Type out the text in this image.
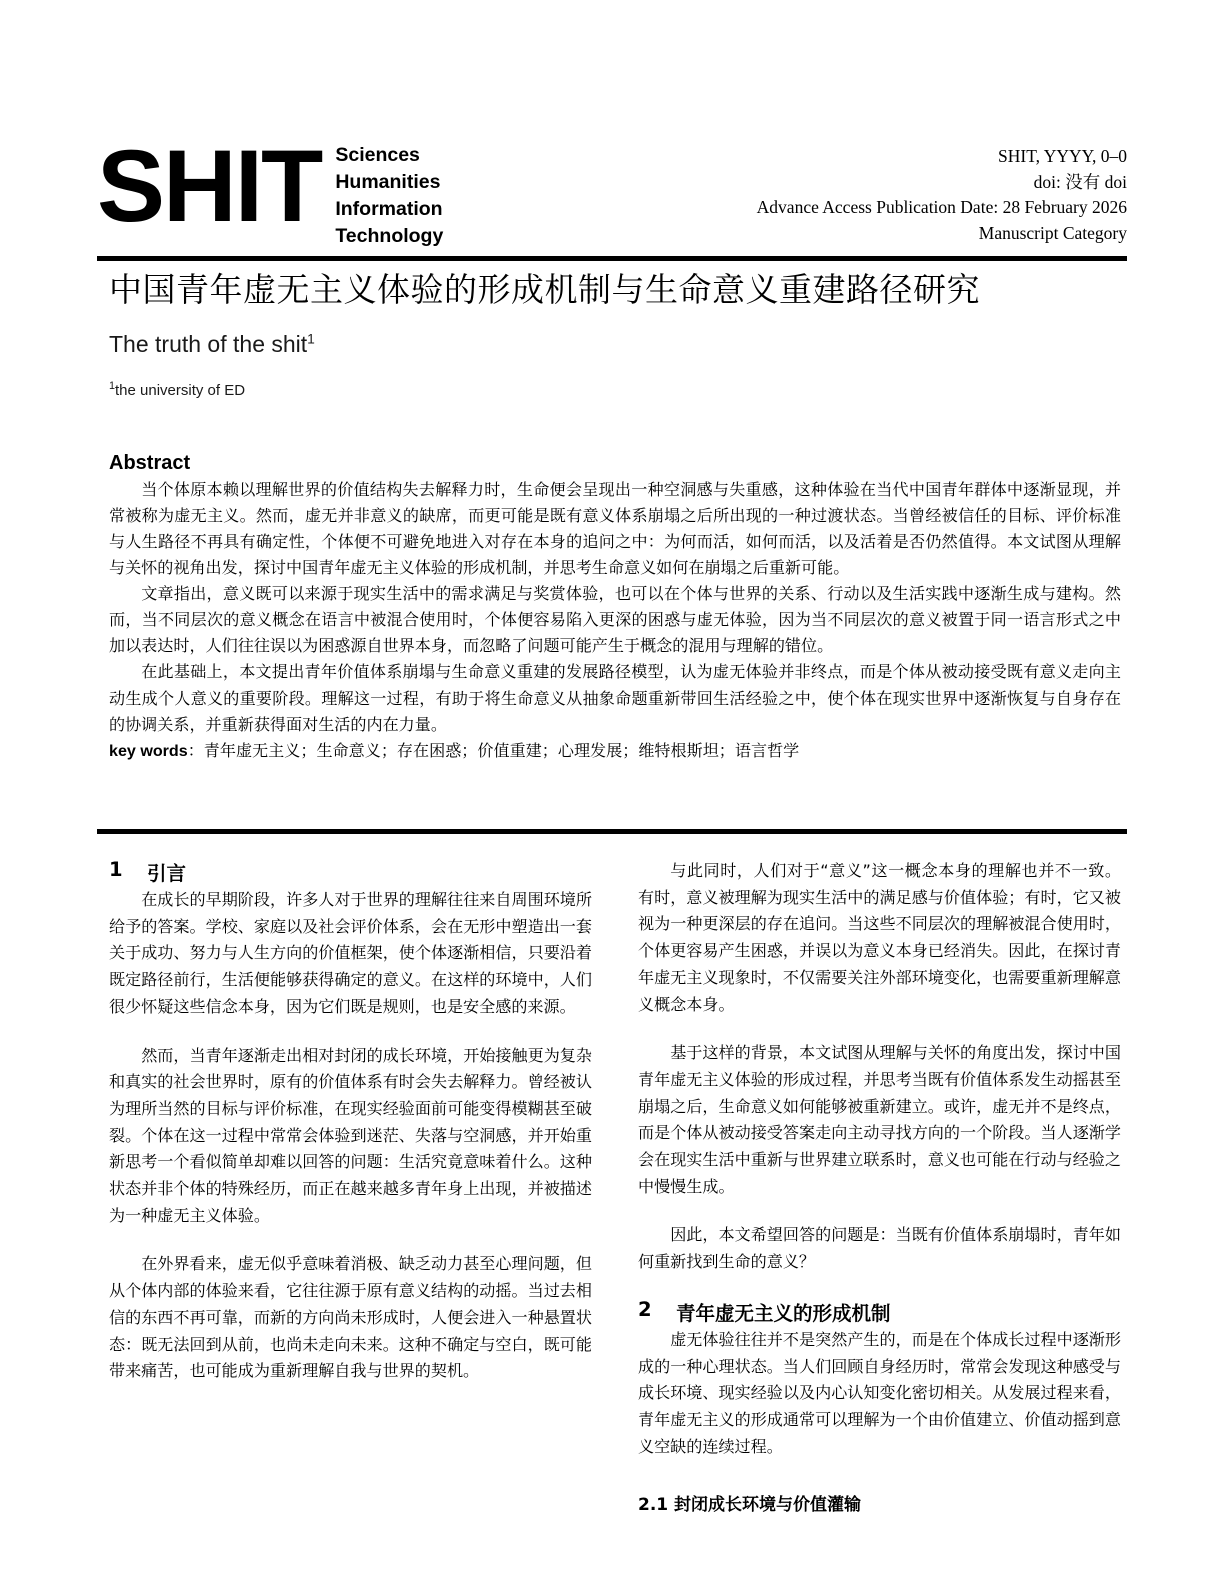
SHIT Sciences
Humanities
Information
Technology
SHIT, YYYY, 0–0
doi: 没有 doi
Advance Access Publication Date: 28 February 2026
Manuscript Category
中国青年虚无主义体验的形成机制与生命意义重建路径研究

The truth of the shit$^1$

$^1$the university of ED

Abstract

当个体原本赖以理解世界的价值结构失去解释力时，生命便会呈现出一种空洞感与失重感，这种体验在当代中国青年群体中逐渐显现，并常被称为虚无主义。然而，虚无并非意义的缺席，而更可能是既有意义体系崩塌之后所出现的一种过渡状态。当曾经被信任的目标、评价标准与人生路径不再具有确定性，个体便不可避免地进入对存在本身的追问之中：为何而活，如何而活，以及活着是否仍然值得。本文试图从理解与关怀的视角出发，探讨中国青年虚无主义体验的形成机制，并思考生命意义如何在崩塌之后重新可能。

文章指出，意义既可以来源于现实生活中的需求满足与奖赏体验，也可以在个体与世界的关系、行动以及生活实践中逐渐生成与建构。然而，当不同层次的意义概念在语言中被混合使用时，个体便容易陷入更深的困惑与虚无体验，因为当不同层次的意义被置于同一语言形式之中加以表达时，人们往往误以为困惑源自世界本身，而忽略了问题可能产生于概念的混用与理解的错位。

在此基础上，本文提出青年价值体系崩塌与生命意义重建的发展路径模型，认为虚无体验并非终点，而是个体从被动接受既有意义走向主动生成个人意义的重要阶段。理解这一过程，有助于将生命意义从抽象命题重新带回生活经验之中，使个体在现实世界中逐渐恢复与自身存在的协调关系，并重新获得面对生活的内在力量。

key words：青年虚无主义；生命意义；存在困惑；价值重建；心理发展；维特根斯坦；语言哲学

1	引言

在成长的早期阶段，许多人对于世界的理解往往来自周围环境所给予的答案。学校、家庭以及社会评价体系，会在无形中塑造出一套关于成功、努力与人生方向的价值框架，使个体逐渐相信，只要沿着既定路径前行，生活便能够获得确定的意义。在这样的环境中，人们很少怀疑这些信念本身，因为它们既是规则，也是安全感的来源。

然而，当青年逐渐走出相对封闭的成长环境，开始接触更为复杂和真实的社会世界时，原有的价值体系有时会失去解释力。曾经被认为理所当然的目标与评价标准，在现实经验面前可能变得模糊甚至破裂。个体在这一过程中常常会体验到迷茫、失落与空洞感，并开始重新思考一个看似简单却难以回答的问题：生活究竟意味着什么。这种状态并非个体的特殊经历，而正在越来越多青年身上出现，并被描述为一种虚无主义体验。

在外界看来，虚无似乎意味着消极、缺乏动力甚至心理问题，但从个体内部的体验来看，它往往源于原有意义结构的动摇。当过去相信的东西不再可靠，而新的方向尚未形成时，人便会进入一种悬置状态：既无法回到从前，也尚未走向未来。这种不确定与空白，既可能带来痛苦，也可能成为重新理解自我与世界的契机。

与此同时，人们对于“意义”这一概念本身的理解也并不一致。有时，意义被理解为现实生活中的满足感与价值体验；有时，它又被视为一种更深层的存在追问。当这些不同层次的理解被混合使用时，个体更容易产生困惑，并误以为意义本身已经消失。因此，在探讨青年虚无主义现象时，不仅需要关注外部环境变化，也需要重新理解意义概念本身。

基于这样的背景，本文试图从理解与关怀的角度出发，探讨中国青年虚无主义体验的形成过程，并思考当既有价值体系发生动摇甚至崩塌之后，生命意义如何能够被重新建立。或许，虚无并不是终点，而是个体从被动接受答案走向主动寻找方向的一个阶段。当人逐渐学会在现实生活中重新与世界建立联系时，意义也可能在行动与经验之中慢慢生成。

因此，本文希望回答的问题是：当既有价值体系崩塌时，青年如何重新找到生命的意义？

2	青年虚无主义的形成机制

虚无体验往往并不是突然产生的，而是在个体成长过程中逐渐形成的一种心理状态。当人们回顾自身经历时，常常会发现这种感受与成长环境、现实经验以及内心认知变化密切相关。从发展过程来看，青年虚无主义的形成通常可以理解为一个由价值建立、价值动摇到意义空缺的连续过程。

2.1 封闭成长环境与价值灌输
